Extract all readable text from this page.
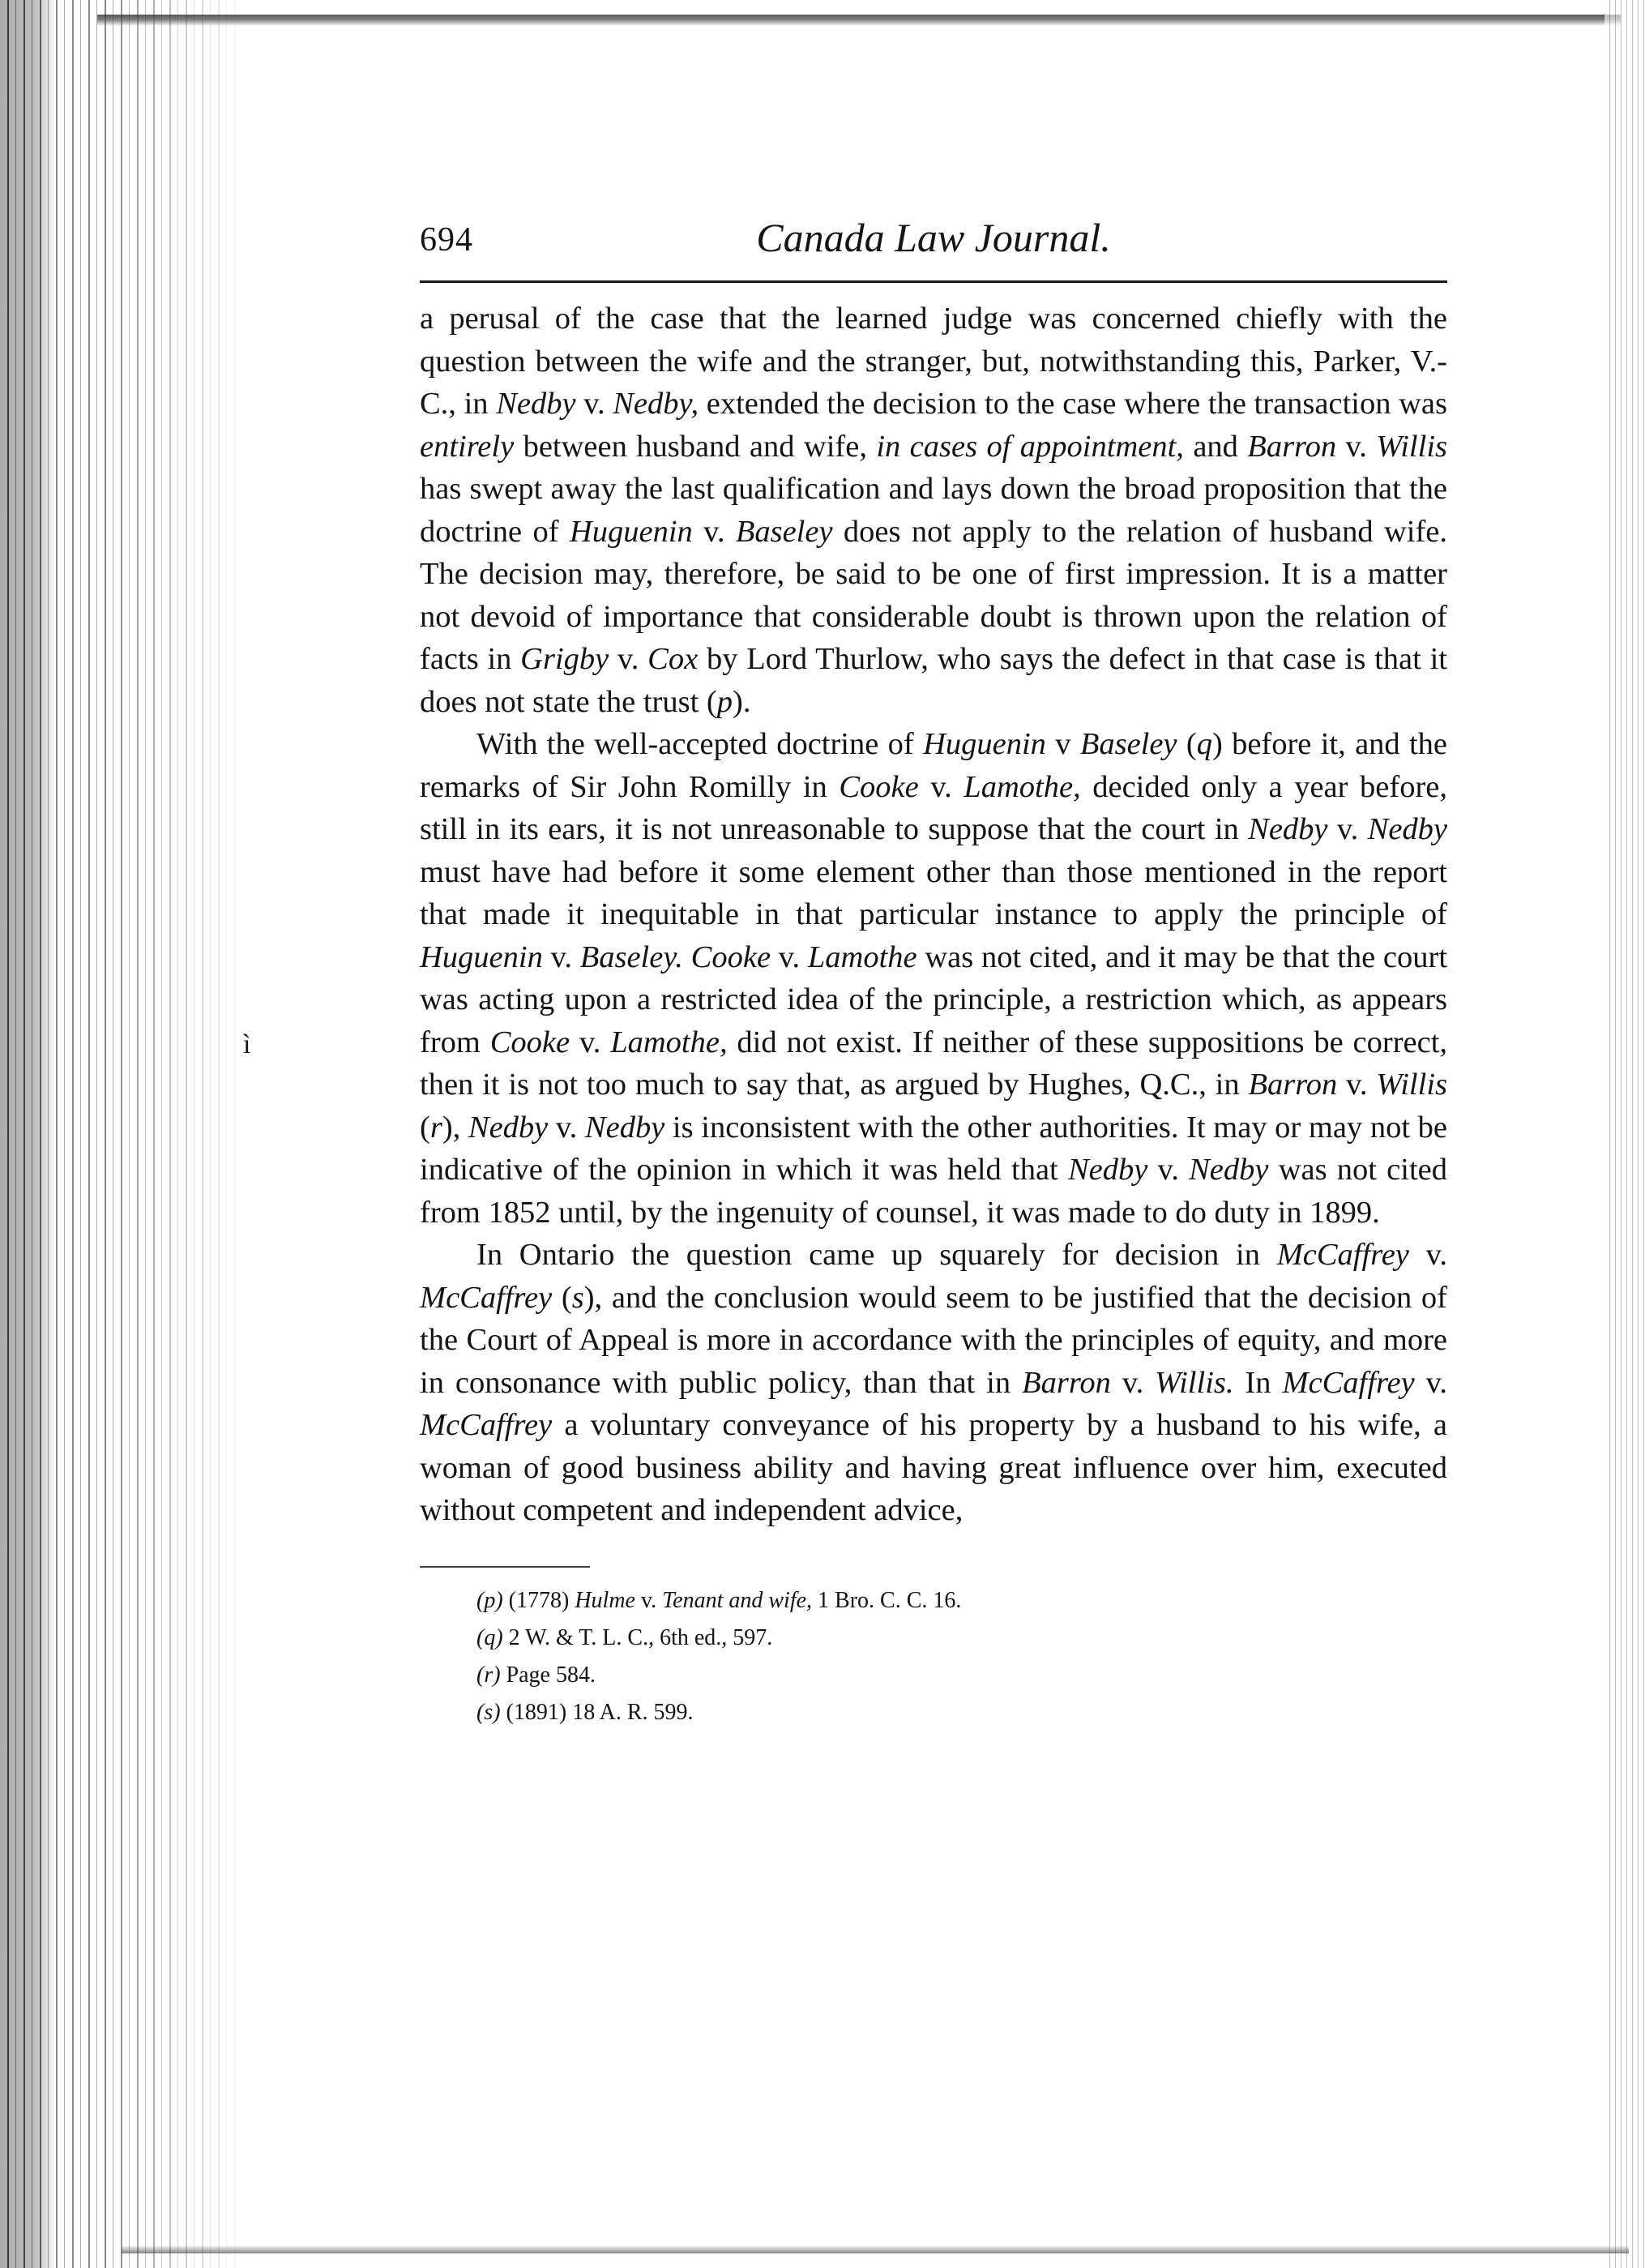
ì
694	Canada Law Journal.

a perusal of the case that the learned judge was concerned chiefly with the question between the wife and the stranger, but, notwithstanding this, Parker, V.-C., in Nedby v. Nedby, extended the decision to the case where the transaction was entirely between husband and wife, in cases of appointment, and Barron v. Willis has swept away the last qualification and lays down the broad proposition that the doctrine of Huguenin v. Baseley does not apply to the relation of husband wife. The decision may, therefore, be said to be one of first impression. It is a matter not devoid of importance that considerable doubt is thrown upon the relation of facts in Grigby v. Cox by Lord Thurlow, who says the defect in that case is that it does not state the trust (p).

With the well-accepted doctrine of Huguenin v Baseley (q) before it, and the remarks of Sir John Romilly in Cooke v. Lamothe, decided only a year before, still in its ears, it is not unreasonable to suppose that the court in Nedby v. Nedby must have had before it some element other than those mentioned in the report that made it inequitable in that particular instance to apply the principle of Huguenin v. Baseley. Cooke v. Lamothe was not cited, and it may be that the court was acting upon a restricted idea of the principle, a restriction which, as appears from Cooke v. Lamothe, did not exist. If neither of these suppositions be correct, then it is not too much to say that, as argued by Hughes, Q.C., in Barron v. Willis (r), Nedby v. Nedby is inconsistent with the other authorities. It may or may not be indicative of the opinion in which it was held that Nedby v. Nedby was not cited from 1852 until, by the ingenuity of counsel, it was made to do duty in 1899.

In Ontario the question came up squarely for decision in McCaffrey v. McCaffrey (s), and the conclusion would seem to be justified that the decision of the Court of Appeal is more in accordance with the principles of equity, and more in consonance with public policy, than that in Barron v. Willis. In McCaffrey v. McCaffrey a voluntary conveyance of his property by a husband to his wife, a woman of good business ability and having great influence over him, executed without competent and independent advice,

(p) (1778) Hulme v. Tenant and wife, 1 Bro. C. C. 16.
(q) 2 W. & T. L. C., 6th ed., 597.
(r) Page 584.
(s) (1891) 18 A. R. 599.
